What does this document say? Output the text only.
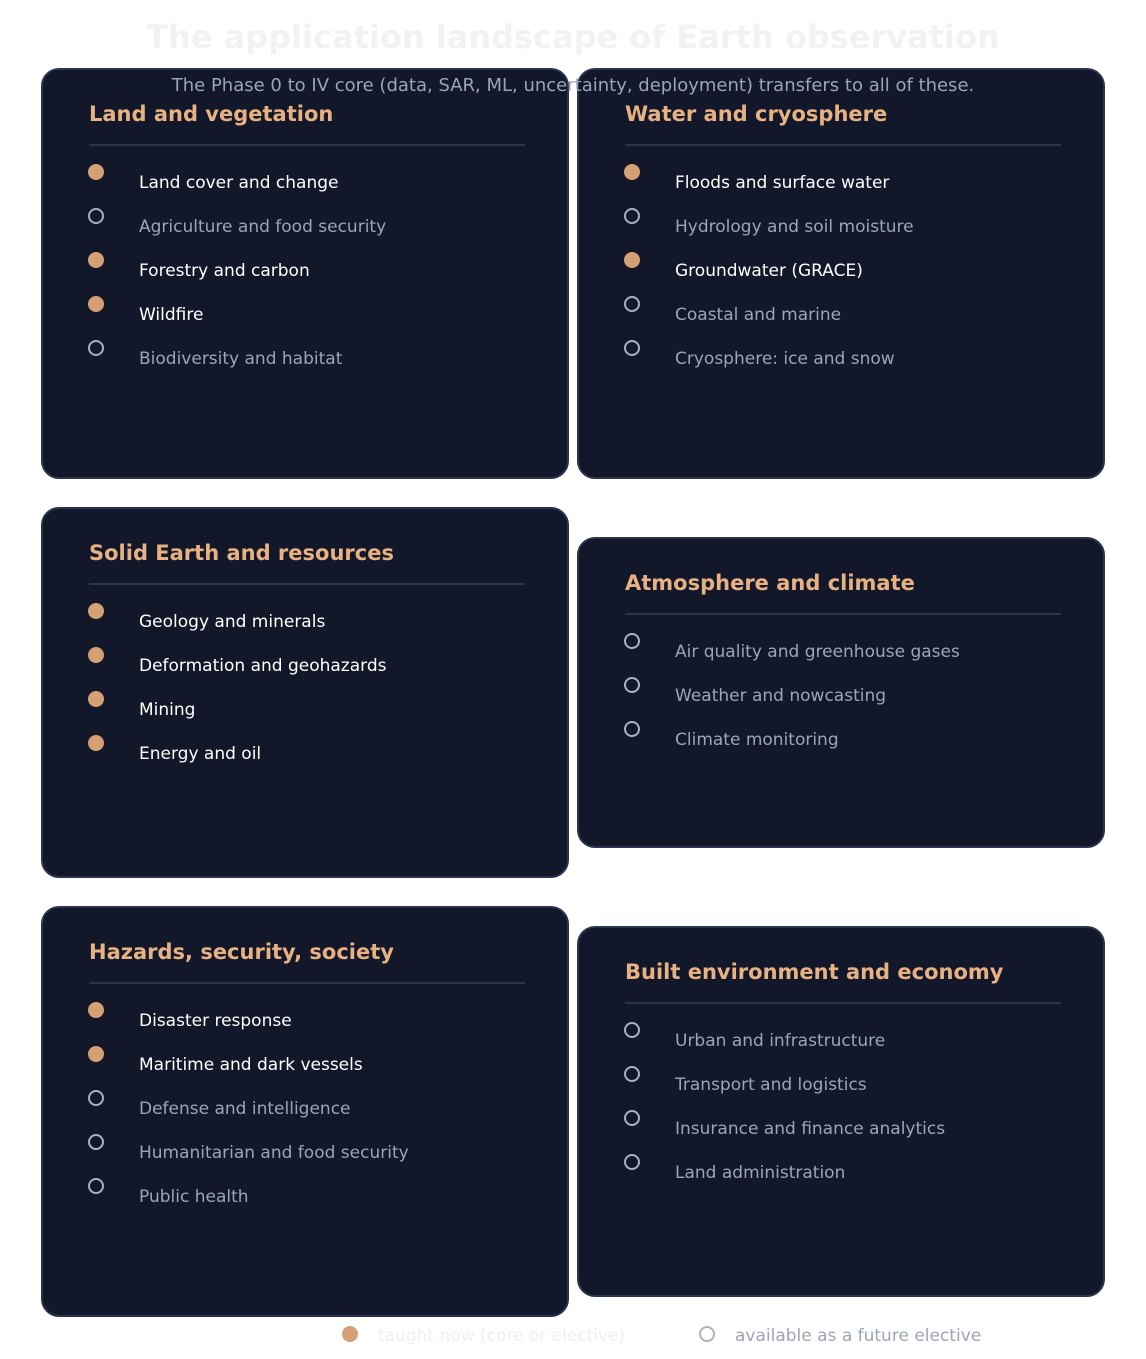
The application landscape of Earth observation
The Phase 0 to IV core (data, SAR, ML, uncertainty, deployment) transfers to all of these.
Land and vegetation
Land cover and change
Agriculture and food security
Forestry and carbon
Wildfire
Biodiversity and habitat
Water and cryosphere
Floods and surface water
Hydrology and soil moisture
Groundwater (GRACE)
Coastal and marine
Cryosphere: ice and snow
Solid Earth and resources
Geology and minerals
Deformation and geohazards
Mining
Energy and oil
Atmosphere and climate
Air quality and greenhouse gases
Weather and nowcasting
Climate monitoring
Hazards, security, society
Disaster response
Maritime and dark vessels
Defense and intelligence
Humanitarian and food security
Public health
Built environment and economy
Urban and infrastructure
Transport and logistics
Insurance and finance analytics
Land administration
taught now (core or elective)	available as a future elective
